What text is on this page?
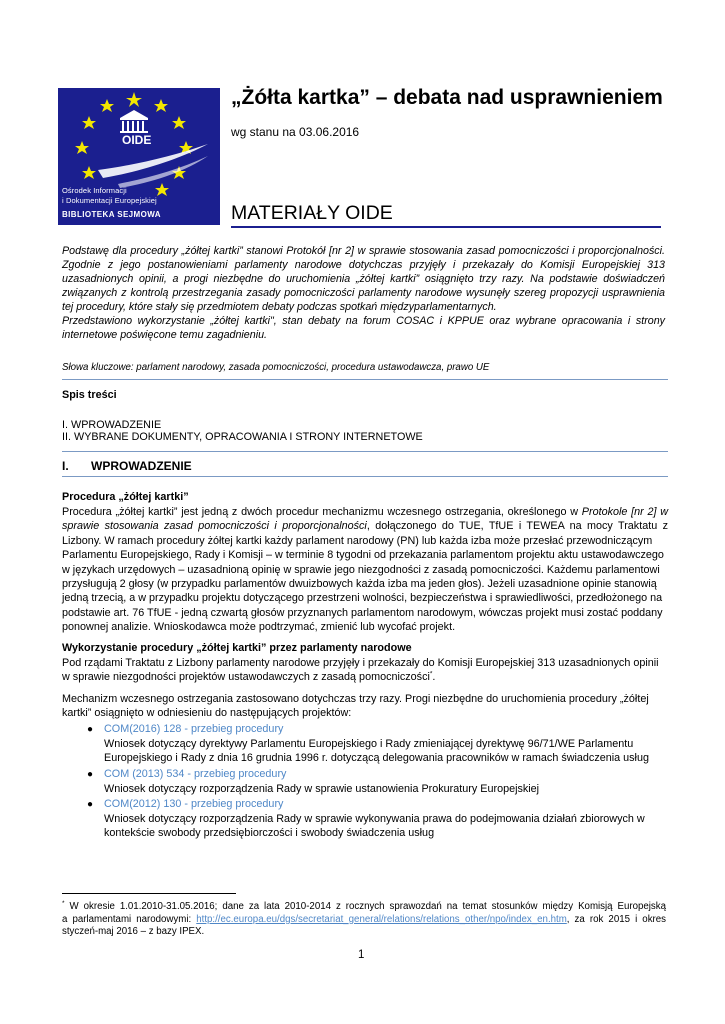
OIDE
Ośrodek Informacji
i Dokumentacji Europejskiej
BIBLIOTEKA SEJMOWA
„Żółta kartka” – debata nad usprawnieniem
wg stanu na 03.06.2016
MATERIAŁY OIDE

Podstawę dla procedury „żółtej kartki” stanowi Protokół [nr 2] w sprawie stosowania zasad pomocniczości i proporcjonalności. Zgodnie z jego postanowieniami parlamenty narodowe dotychczas przyjęły i przekazały do Komisji Europejskiej 313 uzasadnionych opinii, a progi niezbędne do uruchomienia „żółtej kartki” osiągnięto trzy razy. Na podstawie doświadczeń związanych z kontrolą przestrzegania zasady pomocniczości parlamenty narodowe wysunęły szereg propozycji usprawnienia tej procedury, które stały się przedmiotem debaty podczas spotkań międzyparlamentarnych.

Przedstawiono wykorzystanie „żółtej kartki", stan debaty na forum COSAC i KPPUE oraz wybrane opracowania i strony internetowe poświęcone temu zagadnieniu.

Słowa kluczowe: parlament narodowy, zasada pomocniczości, procedura ustawodawcza, prawo UE
Spis treści
I. WPROWADZENIE
II. WYBRANE DOKUMENTY, OPRACOWANIA I STRONY INTERNETOWE
I. WPROWADZENIE
Procedura „żółtej kartki”
Procedura „żółtej kartki” jest jedną z dwóch procedur mechanizmu wczesnego ostrzegania, określonego w Protokole [nr 2] w
sprawie stosowania zasad pomocniczości i proporcjonalności, dołączonego do TUE, TfUE i TEWEA na mocy Traktatu z
Lizbony. W ramach procedury żółtej kartki każdy parlament narodowy (PN) lub każda izba może przesłać przewodniczącym
Parlamentu Europejskiego, Rady i Komisji – w terminie 8 tygodni od przekazania parlamentom projektu aktu ustawodawczego
w językach urzędowych – uzasadnioną opinię w sprawie jego niezgodności z zasadą pomocniczości. Każdemu parlamentowi
przysługują 2 głosy (w przypadku parlamentów dwuizbowych każda izba ma jeden głos). Jeżeli uzasadnione opinie stanowią
jedną trzecią, a w przypadku projektu dotyczącego przestrzeni wolności, bezpieczeństwa i sprawiedliwości, przedłożonego na
podstawie art. 76 TfUE - jedną czwartą głosów przyznanych parlamentom narodowym, wówczas projekt musi zostać poddany
ponownej analizie. Wnioskodawca może podtrzymać, zmienić lub wycofać projekt.
Wykorzystanie procedury „żółtej kartki” przez parlamenty narodowe
Pod rządami Traktatu z Lizbony parlamenty narodowe przyjęły i przekazały do Komisji Europejskiej 313 uzasadnionych opinii
w sprawie niezgodności projektów ustawodawczych z zasadą pomocniczości*.
Mechanizm wczesnego ostrzegania zastosowano dotychczas trzy razy. Progi niezbędne do uruchomienia procedury „żółtej
kartki” osiągnięto w odniesieniu do następujących projektów:
● COM(2016) 128 - przebieg procedury
Wniosek dotyczący dyrektywy Parlamentu Europejskiego i Rady zmieniającej dyrektywę 96/71/WE Parlamentu
Europejskiego i Rady z dnia 16 grudnia 1996 r. dotyczącą delegowania pracowników w ramach świadczenia usług
● COM (2013) 534 - przebieg procedury
Wniosek dotyczący rozporządzenia Rady w sprawie ustanowienia Prokuratury Europejskiej
● COM(2012) 130 - przebieg procedury
Wniosek dotyczący rozporządzenia Rady w sprawie wykonywania prawa do podejmowania działań zbiorowych w
kontekście swobody przedsiębiorczości i swobody świadczenia usług
* W okresie 1.01.2010-31.05.2016; dane za lata 2010-2014 z rocznych sprawozdań na temat stosunków między Komisją Europejską
a parlamentami narodowymi: http://ec.europa.eu/dgs/secretariat_general/relations/relations_other/npo/index_en.htm, za rok 2015 i okres
styczeń-maj 2016 – z bazy IPEX.
1
